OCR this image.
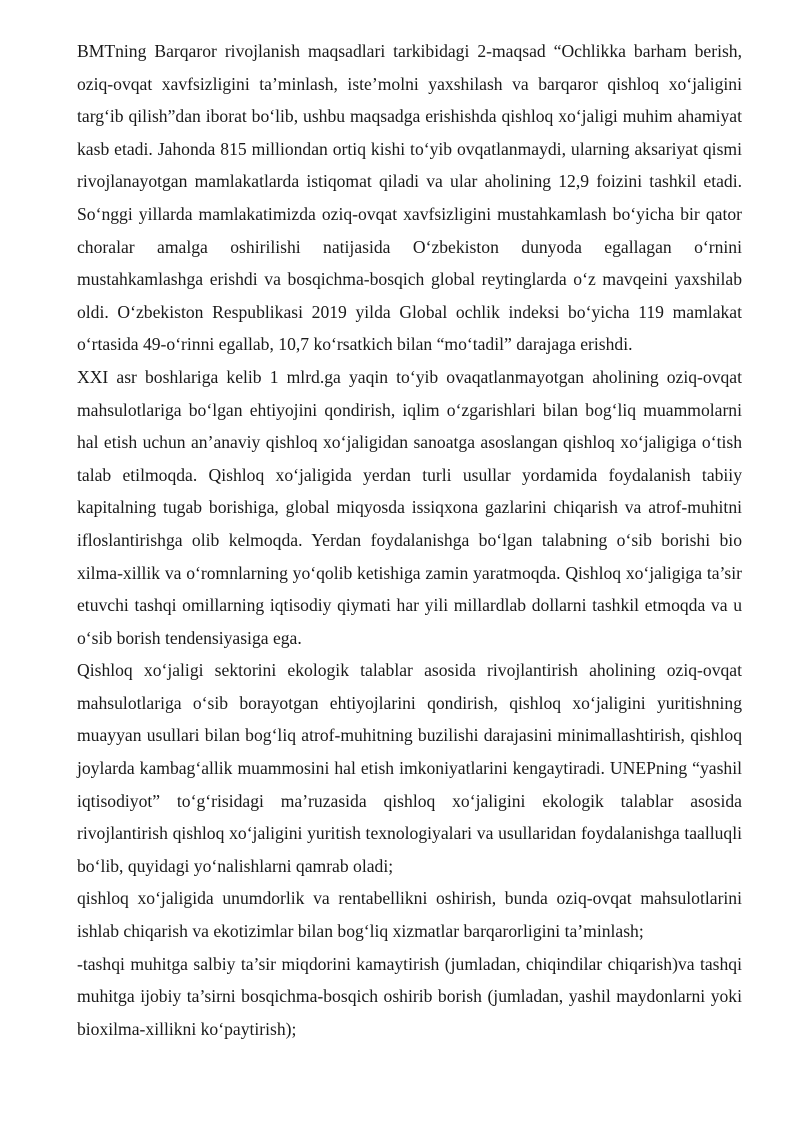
BMTning Barqaror rivojlanish maqsadlari tarkibidagi 2-maqsad “Ochlikka barham berish, oziq-ovqat xavfsizligini ta’minlash, iste’molni yaxshilash va barqaror qishloq xo‘jaligini targ‘ib qilish”dan iborat bo‘lib, ushbu maqsadga erishishda qishloq xo‘jaligi muhim ahamiyat kasb etadi. Jahonda 815 milliondan ortiq kishi to‘yib ovqatlanmaydi, ularning aksariyat qismi rivojlanayotgan mamlakatlarda istiqomat qiladi va ular aholining 12,9 foizini tashkil etadi. So‘nggi yillarda mamlakatimizda oziq-ovqat xavfsizligini mustahkamlash bo‘yicha bir qator choralar amalga oshirilishi natijasida O‘zbekiston dunyoda egallagan o‘rnini mustahkamlashga erishdi va bosqichma-bosqich global reytinglarda o‘z mavqeini yaxshilab oldi. O‘zbekiston Respublikasi 2019 yilda Global ochlik indeksi bo‘yicha 119 mamlakat o‘rtasida 49-o‘rinni egallab, 10,7 ko‘rsatkich bilan “mo‘tadil” darajaga erishdi.

XXI asr boshlariga kelib 1 mlrd.ga yaqin to‘yib ovaqatlanmayotgan aholining oziq-ovqat mahsulotlariga bo‘lgan ehtiyojini qondirish, iqlim o‘zgarishlari bilan bog‘liq muammolarni hal etish uchun an’anaviy qishloq xo‘jaligidan sanoatga asoslangan qishloq xo‘jaligiga o‘tish talab etilmoqda. Qishloq xo‘jaligida yerdan turli usullar yordamida foydalanish tabiiy kapitalning tugab borishiga, global miqyosda issiqxona gazlarini chiqarish va atrof-muhitni ifloslantirishga olib kelmoqda. Yerdan foydalanishga bo‘lgan talabning o‘sib borishi bio xilma-xillik va o‘romnlarning yo‘qolib ketishiga zamin yaratmoqda. Qishloq xo‘jaligiga ta’sir etuvchi tashqi omillarning iqtisodiy qiymati har yili millardlab dollarni tashkil etmoqda va u o‘sib borish tendensiyasiga ega.

Qishloq xo‘jaligi sektorini ekologik talablar asosida rivojlantirish aholining oziq-ovqat mahsulotlariga o‘sib borayotgan ehtiyojlarini qondirish, qishloq xo‘jaligini yuritishning muayyan usullari bilan bog‘liq atrof-muhitning buzilishi darajasini minimallashtirish, qishloq joylarda kambag‘allik muammosini hal etish imkoniyatlarini kengaytiradi. UNEPning “yashil iqtisodiyot” to‘g‘risidagi ma’ruzasida qishloq xo‘jaligini ekologik talablar asosida rivojlantirish qishloq xo‘jaligini yuritish texnologiyalari va usullaridan foydalanishga taalluqli bo‘lib, quyidagi yo‘nalishlarni qamrab oladi;

qishloq xo‘jaligida unumdorlik va rentabellikni oshirish, bunda oziq-ovqat mahsulotlarini ishlab chiqarish va ekotizimlar bilan bog‘liq xizmatlar barqarorligini ta’minlash;

-tashqi muhitga salbiy ta’sir miqdorini kamaytirish (jumladan, chiqindilar chiqarish)va tashqi muhitga ijobiy ta’sirni bosqichma-bosqich oshirib borish (jumladan, yashil maydonlarni yoki bioxilma-xillikni ko‘paytirish);
